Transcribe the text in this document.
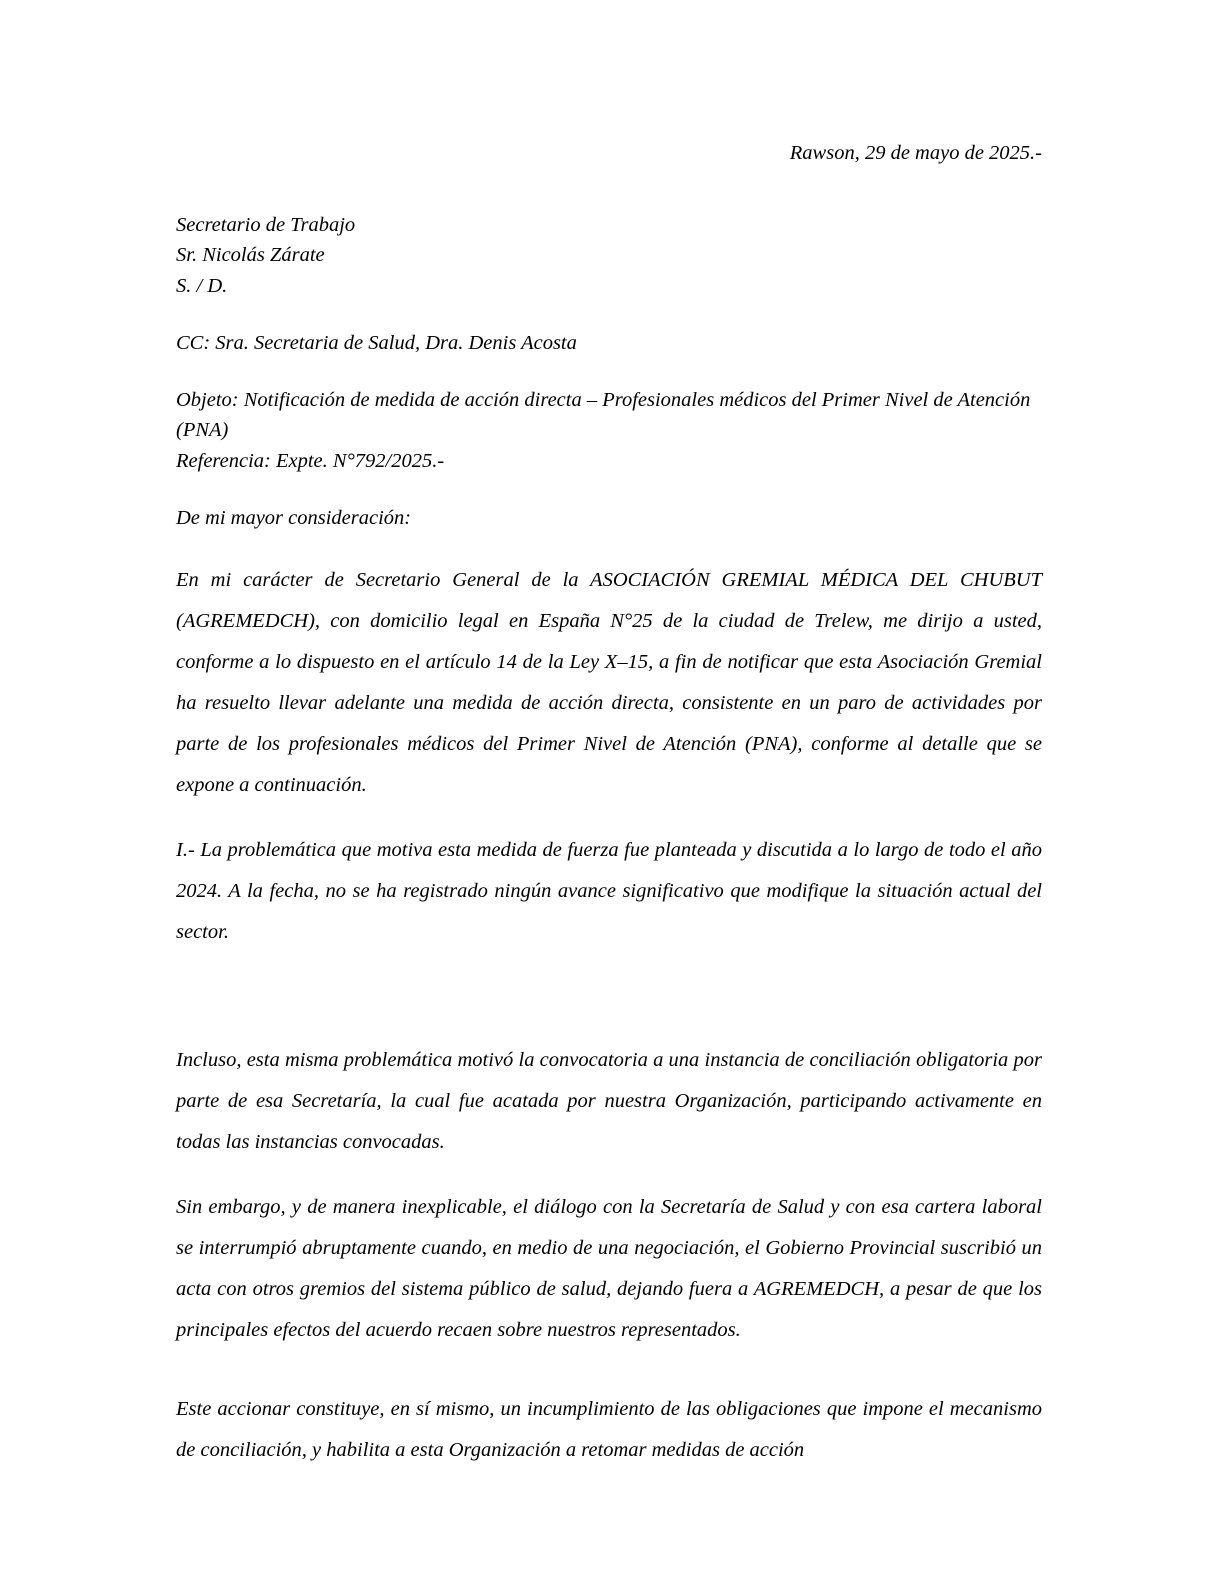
Rawson, 29 de mayo de 2025.-

Secretario de Trabajo

Sr. Nicolás Zárate

S. / D.

CC: Sra. Secretaria de Salud, Dra. Denis Acosta

Objeto: Notificación de medida de acción directa – Profesionales médicos del Primer Nivel de Atención (PNA)

Referencia: Expte. N°792/2025.-

De mi mayor consideración:
En mi carácter de Secretario General de la ASOCIACIÓN GREMIAL MÉDICA DEL CHUBUT (AGREMEDCH), con domicilio legal en España N°25 de la ciudad de Trelew, me dirijo a usted, conforme a lo dispuesto en el artículo 14 de la Ley X–15, a fin de notificar que esta Asociación Gremial ha resuelto llevar adelante una medida de acción directa, consistente en un paro de actividades por parte de los profesionales médicos del Primer Nivel de Atención (PNA), conforme al detalle que se expone a continuación.
I.- La problemática que motiva esta medida de fuerza fue planteada y discutida a lo largo de todo el año 2024. A la fecha, no se ha registrado ningún avance significativo que modifique la situación actual del sector.
Incluso, esta misma problemática motivó la convocatoria a una instancia de conciliación obligatoria por parte de esa Secretaría, la cual fue acatada por nuestra Organización, participando activamente en todas las instancias convocadas.
Sin embargo, y de manera inexplicable, el diálogo con la Secretaría de Salud y con esa cartera laboral se interrumpió abruptamente cuando, en medio de una negociación, el Gobierno Provincial suscribió un acta con otros gremios del sistema público de salud, dejando fuera a AGREMEDCH, a pesar de que los principales efectos del acuerdo recaen sobre nuestros representados.
Este accionar constituye, en sí mismo, un incumplimiento de las obligaciones que impone el mecanismo de conciliación, y habilita a esta Organización a retomar medidas de acción
